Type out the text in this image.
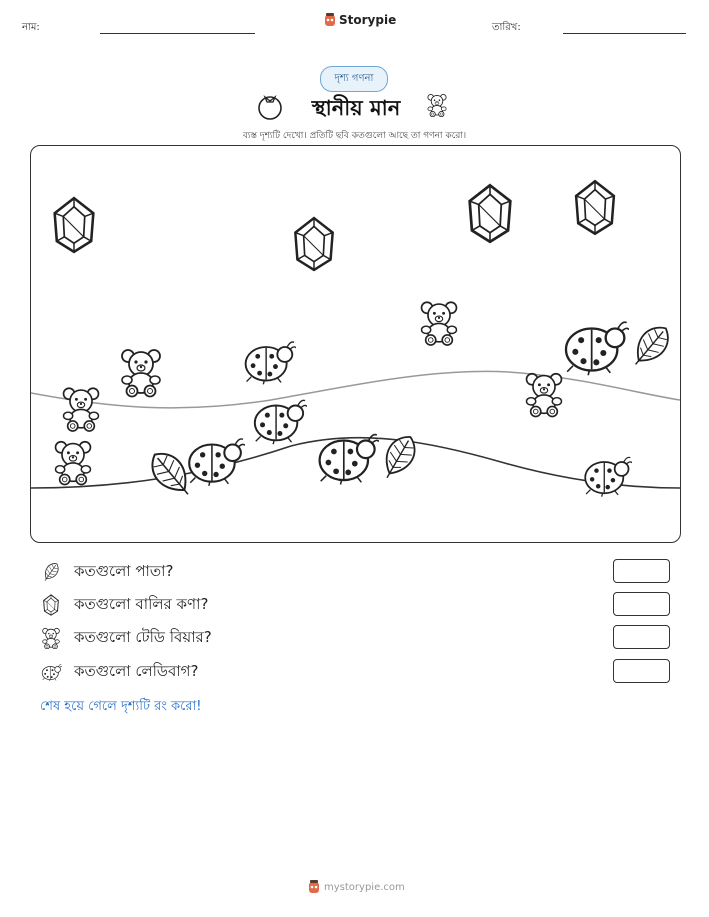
নাম:
Storypie
তারিখ:
দৃশ্য গণনা
স্থানীয় মান
ব্যস্ত দৃশ্যটি দেখো। প্রতিটি ছবি কতগুলো আছে তা গণনা করো।
কতগুলো পাতা?
কতগুলো বালির কণা?
কতগুলো টেডি বিয়ার?
কতগুলো লেডিবাগ?
শেষ হয়ে গেলে দৃশ্যটি রং করো!
mystorypie.com
